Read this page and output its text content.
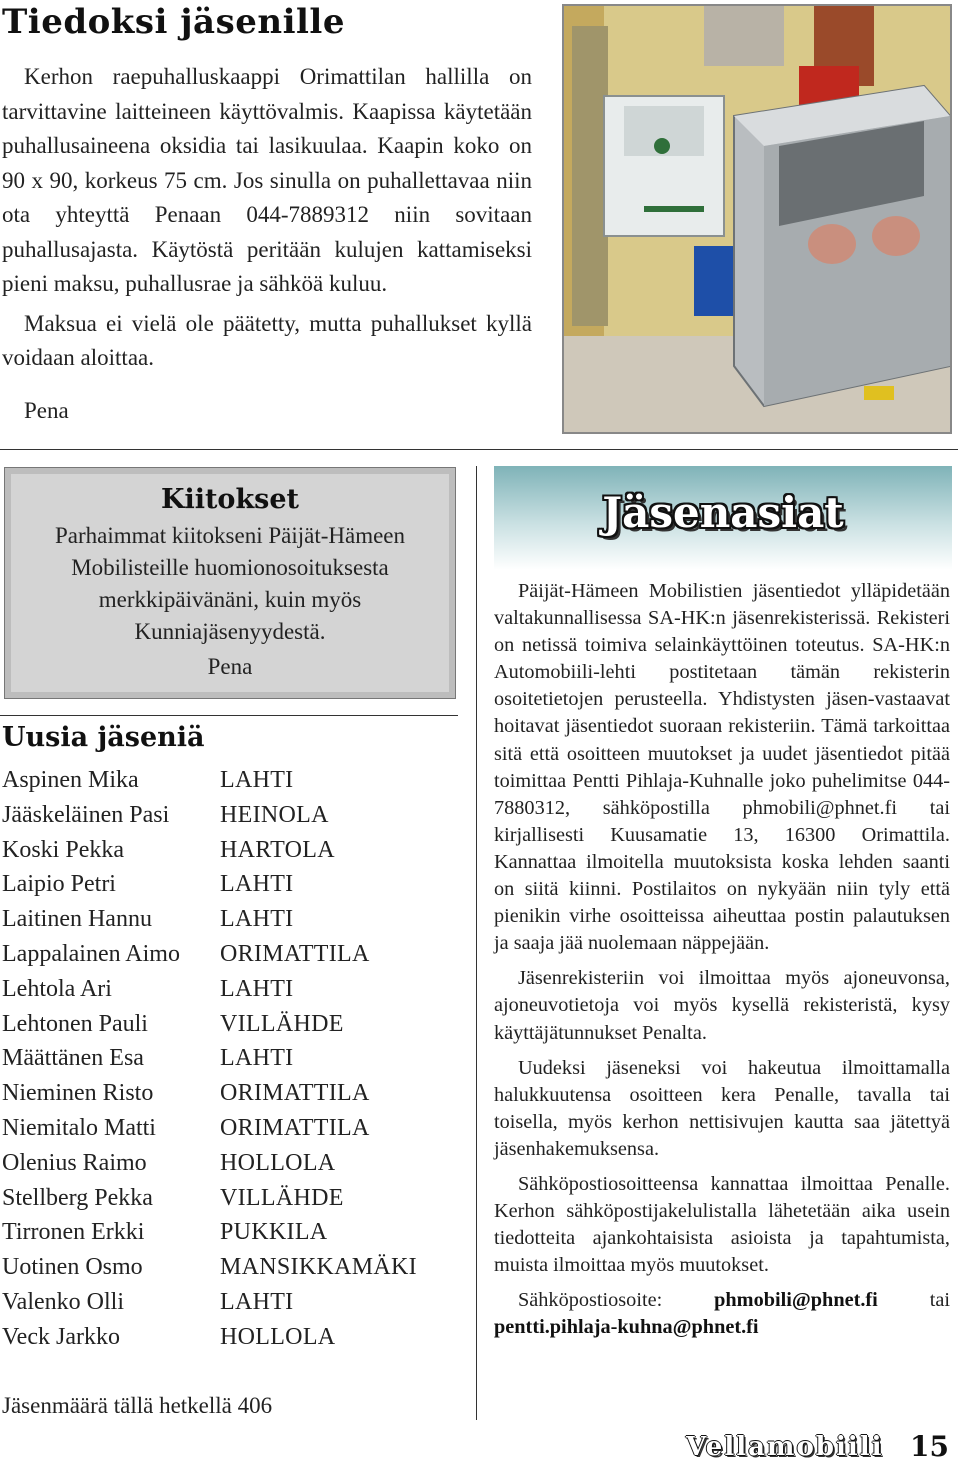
Tiedoksi jäsenille

Kerhon raepuhalluskaappi Orimattilan hallilla on tarvittavine laitteineen käyttövalmis. Kaapissa käytetään puhallusaineena oksidia tai lasikuulaa. Kaapin koko on 90 x 90, korkeus 75 cm. Jos sinulla on puhallettavaa niin ota yhteyttä Penaan 044-7889312 niin sovitaan puhallusajasta. Käytöstä peritään kulujen kattamiseksi pieni maksu, puhallusrae ja sähköä kuluu.

Maksua ei vielä ole päätetty, mutta puhallukset kyllä voidaan aloittaa.

Pena
Kiitokset
Parhaimmat kiitokseni Päijät-Hämeen Mobilisteille huomionosoituksesta merkkipäivänäni, kuin myös Kunniajäsenyydestä.
Pena
Uusia jäseniä
Aspinen Mika	LAHTI
Jääskeläinen Pasi	HEINOLA
Koski Pekka	HARTOLA
Laipio Petri	LAHTI
Laitinen Hannu	LAHTI
Lappalainen Aimo	ORIMATTILA
Lehtola Ari	LAHTI
Lehtonen Pauli	VILLÄHDE
Määttänen Esa	LAHTI
Nieminen Risto	ORIMATTILA
Niemitalo Matti	ORIMATTILA
Olenius Raimo	HOLLOLA
Stellberg Pekka	VILLÄHDE
Tirronen Erkki	PUKKILA
Uotinen Osmo	MANSIKKAMÄKI
Valenko Olli	LAHTI
Veck Jarkko	HOLLOLA
Jäsenmäärä tällä hetkellä 406
Jäsenasiat

Päijät-Hämeen Mobilistien jäsentiedot ylläpidetään valtakunnallisessa SA-HK:n jäsenrekisterissä. Rekisteri on netissä toimiva selainkäyttöinen toteutus. SA-HK:n Automobiili-lehti postitetaan tämän rekisterin osoitetietojen perusteella. Yhdistysten jäsen-vastaavat hoitavat jäsentiedot suoraan rekisteriin. Tämä tarkoittaa sitä että osoitteen muutokset ja uudet jäsentiedot pitää toimittaa Pentti Pihlaja-Kuhnalle joko puhelimitse 044-7880312, sähköpostilla phmobili@phnet.fi tai kirjallisesti Kuusamatie 13, 16300 Orimattila. Kannattaa ilmoitella muutoksista koska lehden saanti on siitä kiinni. Postilaitos on nykyään niin tyly että pienikin virhe osoitteissa aiheuttaa postin palautuksen ja saaja jää nuolemaan näppejään.

Jäsenrekisteriin voi ilmoittaa myös ajoneuvonsa, ajoneuvotietoja voi myös kysellä rekisteristä, kysy käyttäjätunnukset Penalta.

Uudeksi jäseneksi voi hakeutua ilmoittamalla halukkuutensa osoitteen kera Penalle, tavalla tai toisella, myös kerhon nettisivujen kautta saa jätettyä jäsenhakemuksensa.

Sähköpostiosoitteensa kannattaa ilmoittaa Penalle. Kerhon sähköpostijakelulistalla lähetetään aika usein tiedotteita ajankohtaisista asioista ja tapahtumista, muista ilmoittaa myös muutokset.

Sähköpostiosoite:	phmobili@phnet.fi	tai pentti.pihlaja-kuhna@phnet.fi

Vellamobiili 15
